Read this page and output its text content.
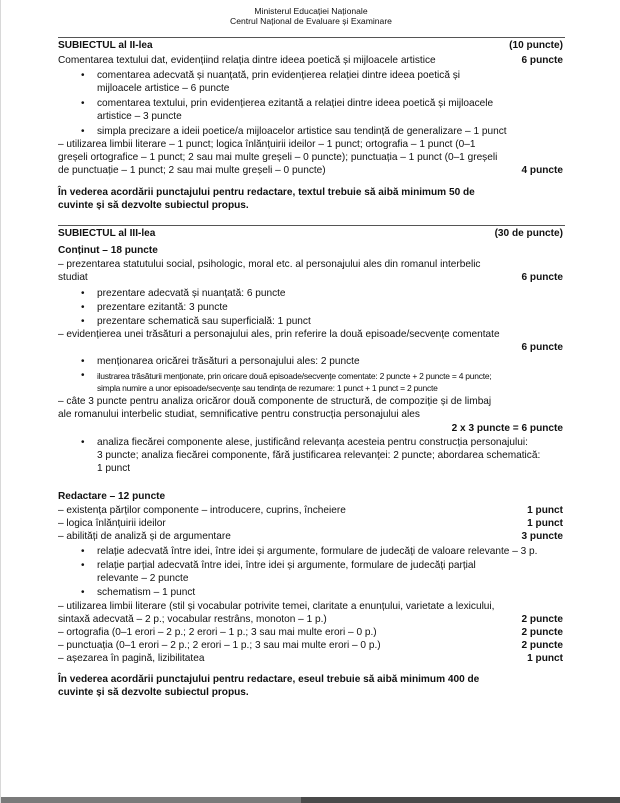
Ministerul Educației Naționale
Centrul Național de Evaluare și Examinare
SUBIECTUL al II-lea	(10 puncte)
Comentarea textului dat, evidențiind relația dintre ideea poetică și mijloacele artistice	6 puncte
• comentarea adecvată și nuanțată, prin evidențierea relației dintre ideea poetică și
mijloacele artistice – 6 puncte
• comentarea textului, prin evidențierea ezitantă a relației dintre ideea poetică și mijloacele
artistice – 3 puncte
• simpla precizare a ideii poetice/a mijloacelor artistice sau tendință de generalizare – 1 punct
– utilizarea limbii literare – 1 punct; logica înlănțuirii ideilor – 1 punct; ortografia – 1 punct (0–1
greșeli ortografice – 1 punct; 2 sau mai multe greșeli – 0 puncte); punctuația – 1 punct (0–1 greșeli
de punctuație – 1 punct; 2 sau mai multe greșeli – 0 puncte)	4 puncte
În vederea acordării punctajului pentru redactare, textul trebuie să aibă minimum 50 de
cuvinte și să dezvolte subiectul propus.
SUBIECTUL al III-lea	(30 de puncte)
Conținut – 18 puncte
– prezentarea statutului social, psihologic, moral etc. al personajului ales din romanul interbelic
studiat	6 puncte
• prezentare adecvată și nuanțată: 6 puncte
• prezentare ezitantă: 3 puncte
• prezentare schematică sau superficială: 1 punct
– evidențierea unei trăsături a personajului ales, prin referire la două episoade/secvențe comentate
6 puncte
• menționarea oricărei trăsături a personajului ales: 2 puncte
• ilustrarea trăsăturii menționate, prin oricare două episoade/secvențe comentate: 2 puncte + 2 puncte = 4 puncte;
simpla numire a unor episoade/secvențe sau tendința de rezumare: 1 punct + 1 punct = 2 puncte
– câte 3 puncte pentru analiza oricăror două componente de structură, de compoziție și de limbaj
ale romanului interbelic studiat, semnificative pentru construcția personajului ales
2 x 3 puncte = 6 puncte
• analiza fiecărei componente alese, justificând relevanța acesteia pentru construcția personajului:
3 puncte; analiza fiecărei componente, fără justificarea relevanței: 2 puncte; abordarea schematică:
1 punct
Redactare – 12 puncte
– existența părților componente – introducere, cuprins, încheiere	1 punct
– logica înlănțuirii ideilor	1 punct
– abilități de analiză și de argumentare	3 puncte
• relație adecvată între idei, între idei și argumente, formulare de judecăți de valoare relevante – 3 p.
• relație parțial adecvată între idei, între idei și argumente, formulare de judecăți parțial
relevante – 2 puncte
• schematism – 1 punct
– utilizarea limbii literare (stil și vocabular potrivite temei, claritate a enunțului, varietate a lexicului,
sintaxă adecvată – 2 p.; vocabular restrâns, monoton – 1 p.)	2 puncte
– ortografia (0–1 erori – 2 p.; 2 erori – 1 p.; 3 sau mai multe erori – 0 p.)	2 puncte
– punctuația (0–1 erori – 2 p.; 2 erori – 1 p.; 3 sau mai multe erori – 0 p.)	2 puncte
– așezarea în pagină, lizibilitatea	1 punct
În vederea acordării punctajului pentru redactare, eseul trebuie să aibă minimum 400 de
cuvinte și să dezvolte subiectul propus.
